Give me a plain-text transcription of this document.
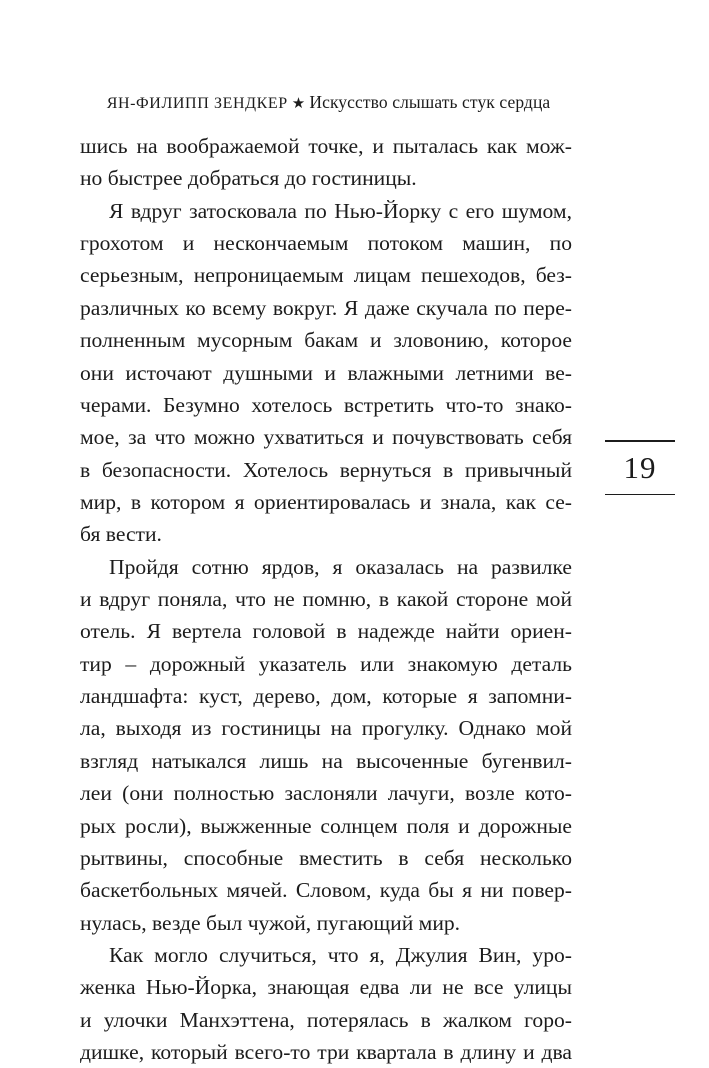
ЯН-ФИЛИПП ЗЕНДКЕР ★ Искусство слышать стук сердца
шись на воображаемой точке, и пыталась как мож-
но быстрее добраться до гостиницы.
Я вдруг затосковала по Нью-Йорку с его шумом,
грохотом и нескончаемым потоком машин, по
серьезным, непроницаемым лицам пешеходов, без-
различных ко всему вокруг. Я даже скучала по пере-
полненным мусорным бакам и зловонию, которое
они источают душными и влажными летними ве-
черами. Безумно хотелось встретить что-то знако-
мое, за что можно ухватиться и почувствовать себя
в безопасности. Хотелось вернуться в привычный
мир, в котором я ориентировалась и знала, как се-
бя вести.
Пройдя сотню ярдов, я оказалась на развилке
и вдруг поняла, что не помню, в какой стороне мой
отель. Я вертела головой в надежде найти ориен-
тир – дорожный указатель или знакомую деталь
ландшафта: куст, дерево, дом, которые я запомни-
ла, выходя из гостиницы на прогулку. Однако мой
взгляд натыкался лишь на высоченные бугенвил-
леи (они полностью заслоняли лачуги, возле кото-
рых росли), выжженные солнцем поля и дорожные
рытвины, способные вместить в себя несколько
баскетбольных мячей. Словом, куда бы я ни повер-
нулась, везде был чужой, пугающий мир.
Как могло случиться, что я, Джулия Вин, уро-
женка Нью-Йорка, знающая едва ли не все улицы
и улочки Манхэттена, потерялась в жалком горо-
дишке, который всего-то три квартала в длину и два
19
